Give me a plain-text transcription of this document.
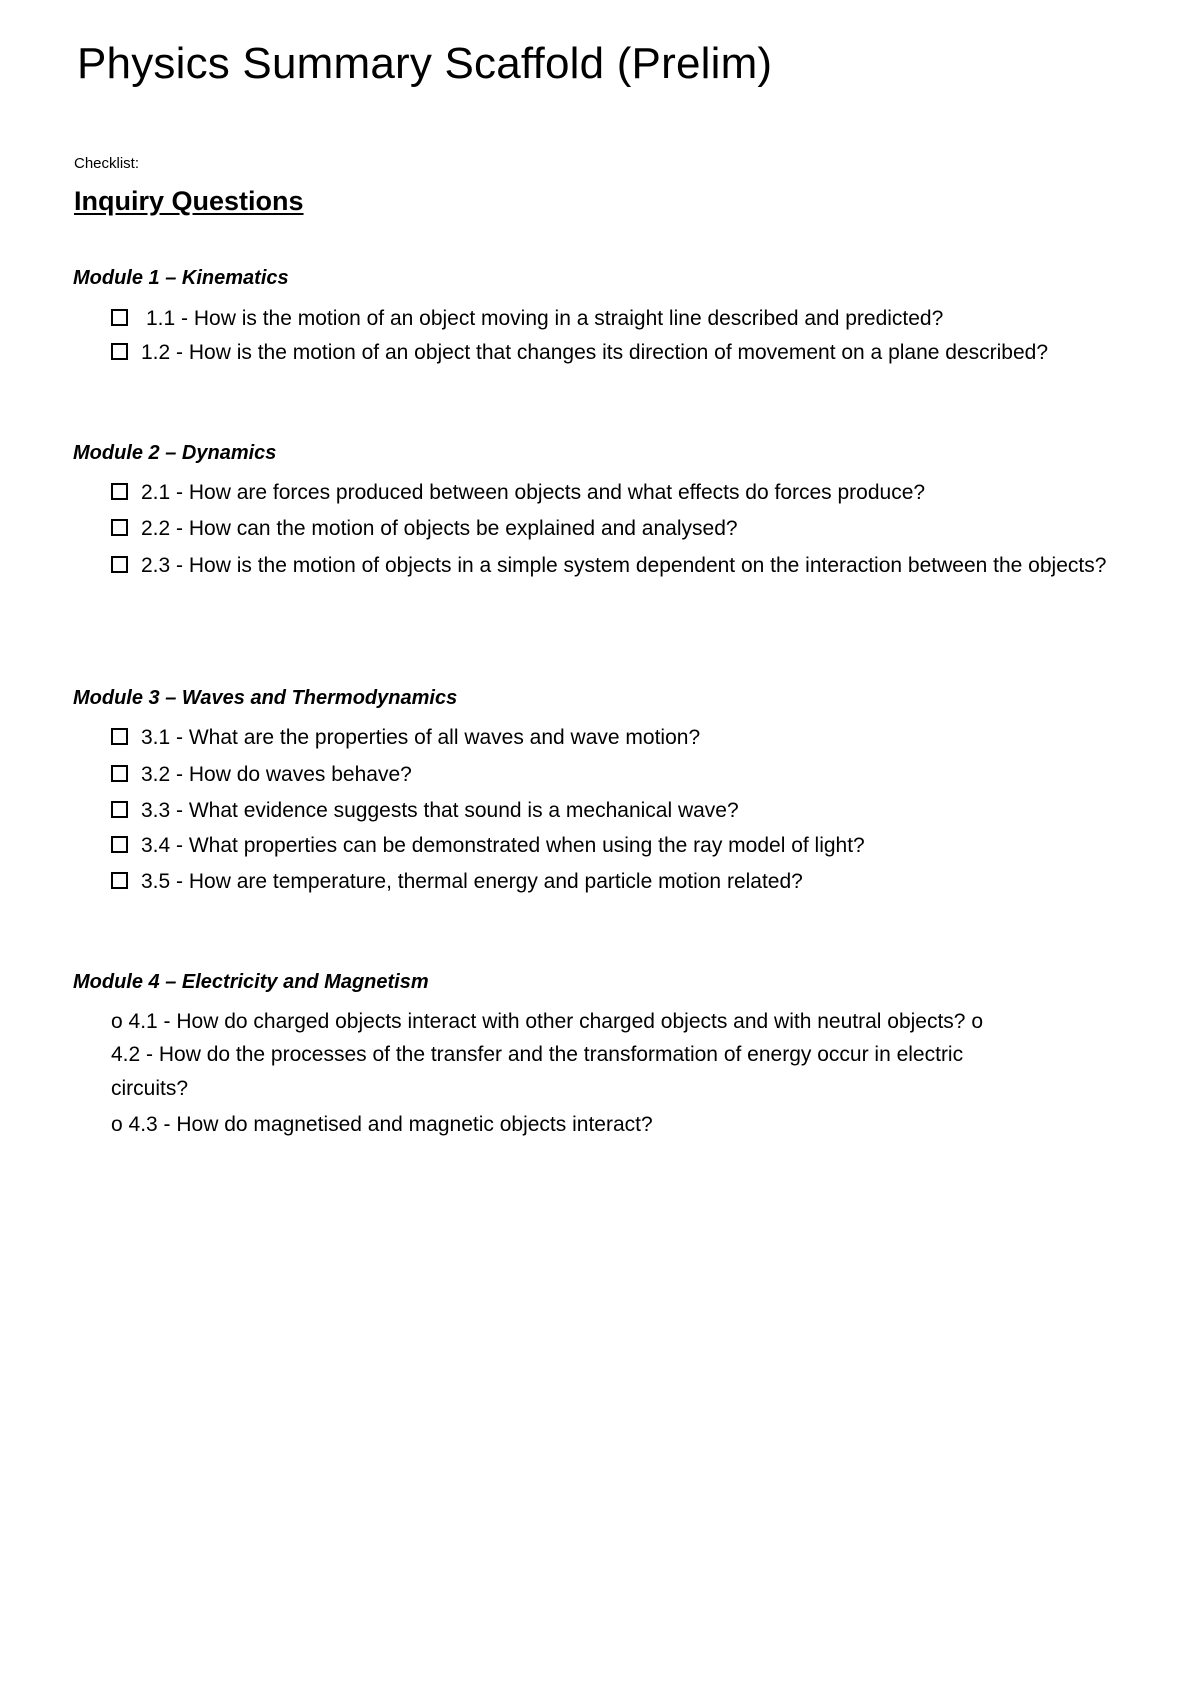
Physics Summary Scaffold (Prelim)
Checklist:
Inquiry Questions
Module 1 – Kinematics
1.1 - How is the motion of an object moving in a straight line described and predicted?
1.2 - How is the motion of an object that changes its direction of movement on a plane described?
Module 2 – Dynamics
2.1 - How are forces produced between objects and what effects do forces produce?
2.2 - How can the motion of objects be explained and analysed?
2.3 - How is the motion of objects in a simple system dependent on the interaction between the objects?
Module 3 – Waves and Thermodynamics
3.1 - What are the properties of all waves and wave motion?
3.2 - How do waves behave?
3.3 - What evidence suggests that sound is a mechanical wave?
3.4 - What properties can be demonstrated when using the ray model of light?
3.5 - How are temperature, thermal energy and particle motion related?
Module 4 – Electricity and Magnetism
o 4.1 - How do charged objects interact with other charged objects and with neutral objects? o
4.2 - How do the processes of the transfer and the transformation of energy occur in electric
circuits?
o 4.3 - How do magnetised and magnetic objects interact?
